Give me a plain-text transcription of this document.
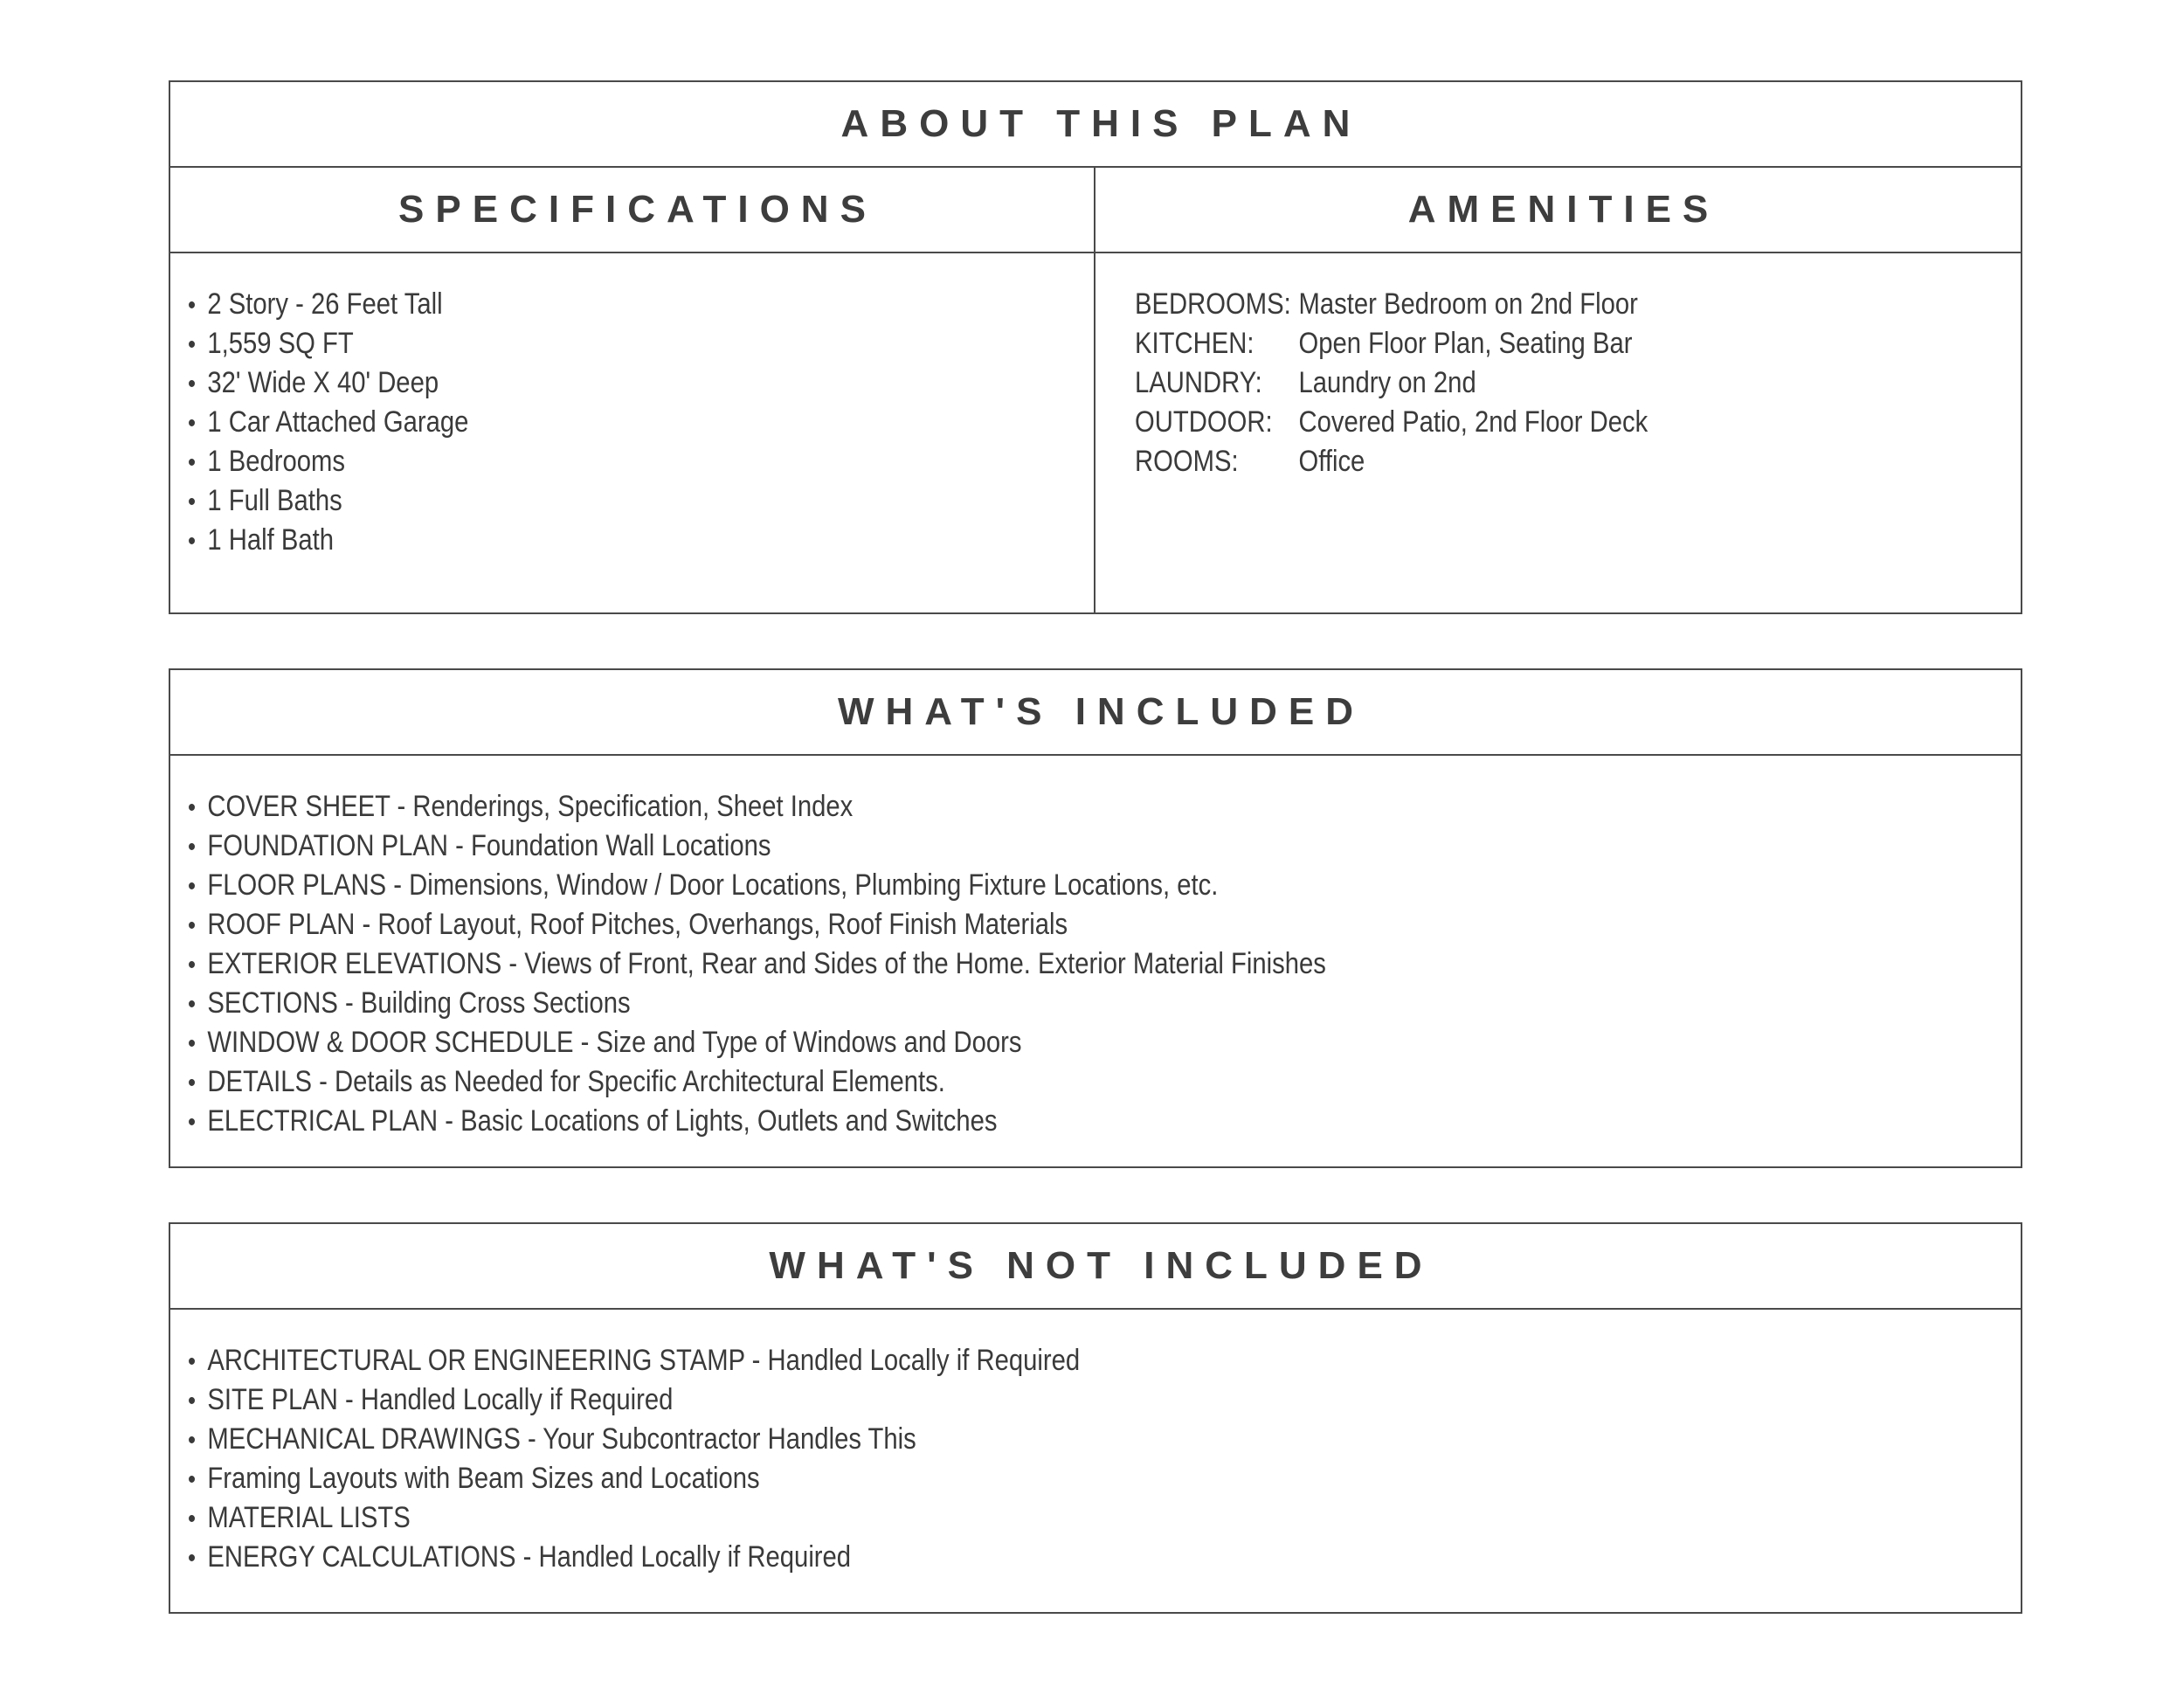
ABOUT THIS PLAN
SPECIFICATIONS
• 2 Story - 26 Feet Tall
• 1,559 SQ FT
• 32' Wide X 40' Deep
• 1 Car Attached Garage
• 1 Bedrooms
• 1 Full Baths
• 1 Half Bath
AMENITIES
BEDROOMS: Master Bedroom on 2nd Floor
KITCHEN: Open Floor Plan, Seating Bar
LAUNDRY: Laundry on 2nd
OUTDOOR: Covered Patio, 2nd Floor Deck
ROOMS: Office
WHAT'S INCLUDED
• COVER SHEET - Renderings, Specification, Sheet Index
• FOUNDATION PLAN - Foundation Wall Locations
• FLOOR PLANS - Dimensions, Window / Door Locations, Plumbing Fixture Locations, etc.
• ROOF PLAN - Roof Layout, Roof Pitches, Overhangs, Roof Finish Materials
• EXTERIOR ELEVATIONS - Views of Front, Rear and Sides of the Home. Exterior Material Finishes
• SECTIONS - Building Cross Sections
• WINDOW & DOOR SCHEDULE - Size and Type of Windows and Doors
• DETAILS - Details as Needed for Specific Architectural Elements.
• ELECTRICAL PLAN - Basic Locations of Lights, Outlets and Switches
WHAT'S NOT INCLUDED
• ARCHITECTURAL OR ENGINEERING STAMP - Handled Locally if Required
• SITE PLAN - Handled Locally if Required
• MECHANICAL DRAWINGS - Your Subcontractor Handles This
• Framing Layouts with Beam Sizes and Locations
• MATERIAL LISTS
• ENERGY CALCULATIONS - Handled Locally if Required
